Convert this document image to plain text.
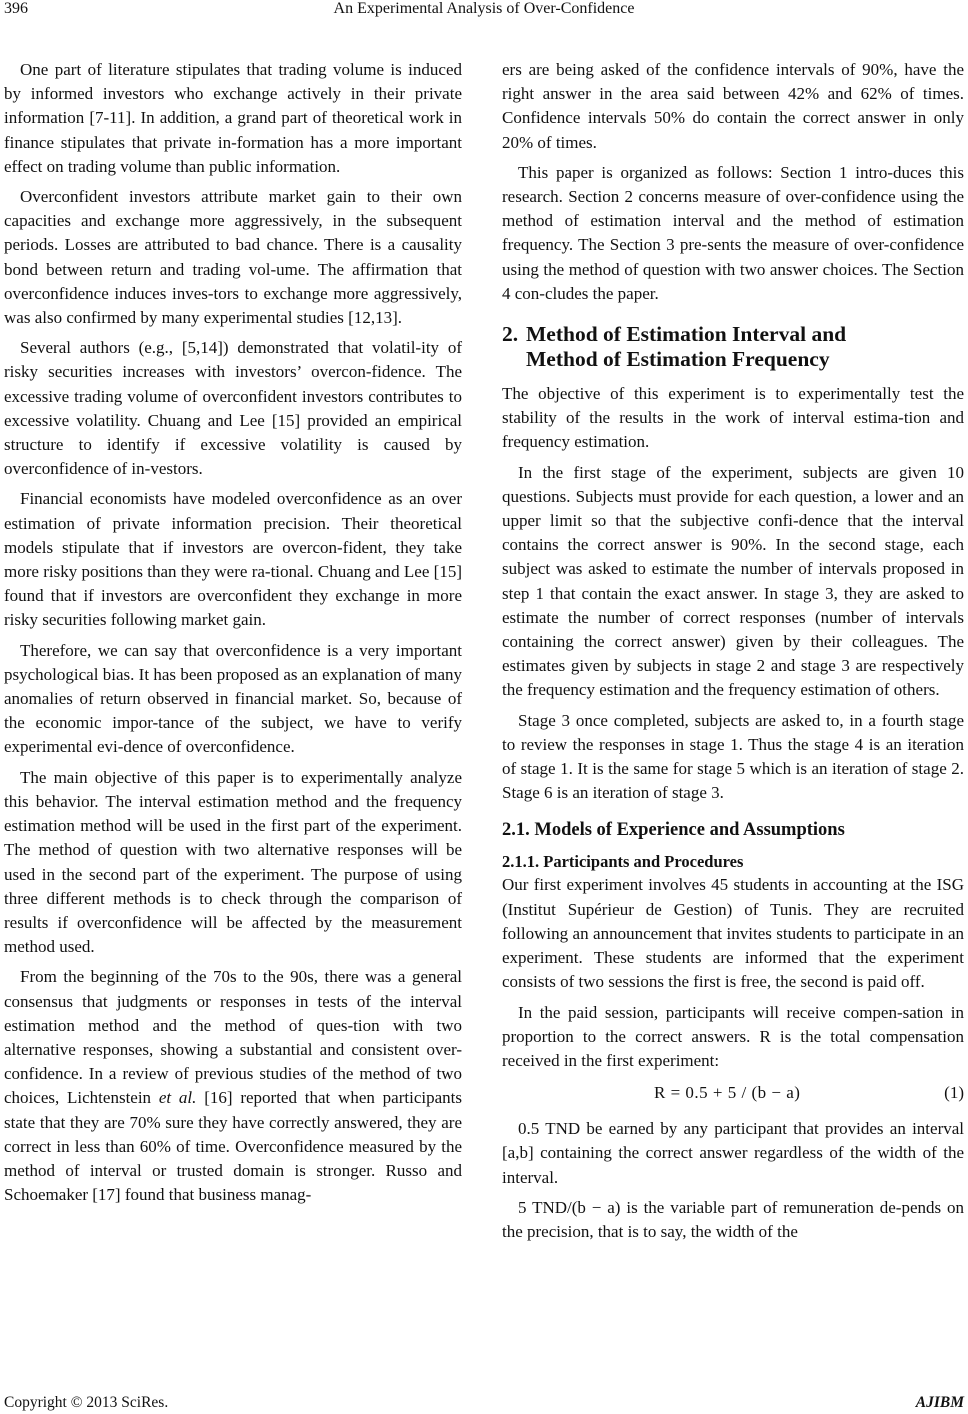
396	An Experimental Analysis of Over-Confidence

One part of literature stipulates that trading volume is induced by informed investors who exchange actively in their private information [7-11]. In addition, a grand part of theoretical work in finance stipulates that private in-formation has a more important effect on trading volume than public information.

Overconfident investors attribute market gain to their own capacities and exchange more aggressively, in the subsequent periods. Losses are attributed to bad chance. There is a causality bond between return and trading vol-ume. The affirmation that overconfidence induces inves-tors to exchange more aggressively, was also confirmed by many experimental studies [12,13].

Several authors (e.g., [5,14]) demonstrated that volatil-ity of risky securities increases with investors’ overcon-fidence. The excessive trading volume of overconfident investors contributes to excessive volatility. Chuang and Lee [15] provided an empirical structure to identify if excessive volatility is caused by overconfidence of in-vestors.

Financial economists have modeled overconfidence as an over estimation of private information precision. Their theoretical models stipulate that if investors are overcon-fident, they take more risky positions than they were ra-tional. Chuang and Lee [15] found that if investors are overconfident they exchange in more risky securities following market gain.

Therefore, we can say that overconfidence is a very important psychological bias. It has been proposed as an explanation of many anomalies of return observed in financial market. So, because of the economic impor-tance of the subject, we have to verify experimental evi-dence of overconfidence.

The main objective of this paper is to experimentally analyze this behavior. The interval estimation method and the frequency estimation method will be used in the first part of the experiment. The method of question with two alternative responses will be used in the second part of the experiment. The purpose of using three different methods is to check through the comparison of results if overconfidence will be affected by the measurement method used.

From the beginning of the 70s to the 90s, there was a general consensus that judgments or responses in tests of the interval estimation method and the method of ques-tion with two alternative responses, showing a substantial and consistent over-confidence. In a review of previous studies of the method of two choices, Lichtenstein et al. [16] reported that when participants state that they are 70% sure they have correctly answered, they are correct in less than 60% of time. Overconfidence measured by the method of interval or trusted domain is stronger. Russo and Schoemaker [17] found that business manag-

ers are being asked of the confidence intervals of 90%, have the right answer in the area said between 42% and 62% of times. Confidence intervals 50% do contain the correct answer in only 20% of times.

This paper is organized as follows: Section 1 intro-duces this research. Section 2 concerns measure of over-confidence using the method of estimation interval and the method of estimation frequency. The Section 3 pre-sents the measure of over-confidence using the method of question with two answer choices. The Section 4 con-cludes the paper.

2. Method of Estimation Interval and
Method of Estimation Frequency

The objective of this experiment is to experimentally test the stability of the results in the work of interval estima-tion and frequency estimation.

In the first stage of the experiment, subjects are given 10 questions. Subjects must provide for each question, a lower and an upper limit so that the subjective confi-dence that the interval contains the correct answer is 90%. In the second stage, each subject was asked to estimate the number of intervals proposed in step 1 that contain the exact answer. In stage 3, they are asked to estimate the number of correct responses (number of intervals containing the correct answer) given by their colleagues. The estimates given by subjects in stage 2 and stage 3 are respectively the frequency estimation and the frequency estimation of others.

Stage 3 once completed, subjects are asked to, in a fourth stage to review the responses in stage 1. Thus the stage 4 is an iteration of stage 1. It is the same for stage 5 which is an iteration of stage 2. Stage 6 is an iteration of stage 3.

2.1. Models of Experience and Assumptions
2.1.1. Participants and Procedures

Our first experiment involves 45 students in accounting at the ISG (Institut Supérieur de Gestion) of Tunis. They are recruited following an announcement that invites students to participate in an experiment. These students are informed that the experiment consists of two sessions the first is free, the second is paid off.

In the paid session, participants will receive compen-sation in proportion to the correct answers. R is the total compensation received in the first experiment:

R = 0.5 + 5 / (b − a)	(1)

0.5 TND be earned by any participant that provides an interval [a,b] containing the correct answer regardless of the width of the interval.

5 TND/(b − a) is the variable part of remuneration de-pends on the precision, that is to say, the width of the

Copyright © 2013 SciRes.	AJIBM
